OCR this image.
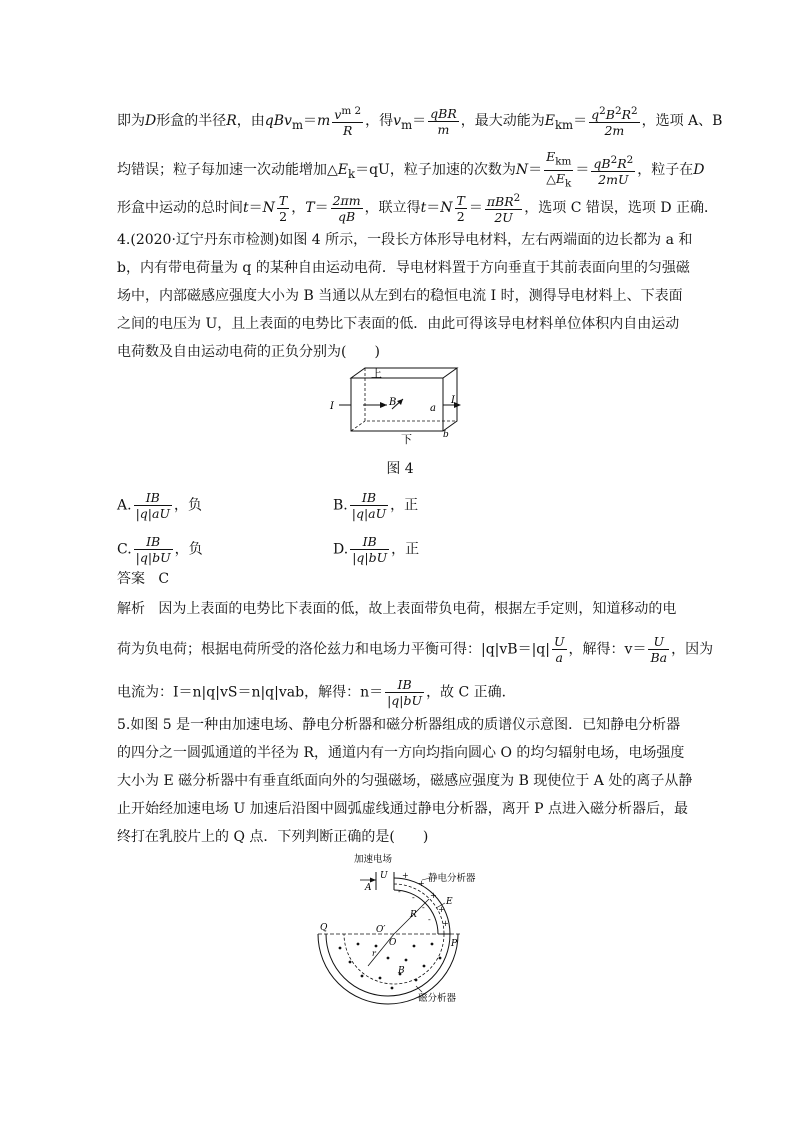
即为D形盒的半径R，由$qBv_m=m \frac{v^{m 2}}{R}$ ，得$v_m= \frac{\text{qBR}}{m}$ ，最大动能为$E_{km}= \frac{q^2B^2R^2}{2m}$ ，选项 A、B
均错误；粒子每加速一次动能增加$\triangle E_k=qU$，粒子加速的次数为$N= \frac{E_{km}}{\triangle E_k} = \frac{qB^2R^2}{2mU}$ ，粒子在D
形盒中运动的总时间$t=N \frac{T}{2}$ ，$T= \frac{2\pi m}{qB}$ ，联立得$t=N \frac{T}{2} = \frac{\pi BR^2}{2U}$ ，选项 C 错误，选项 D 正确．
4.(2020·辽宁丹东市检测)如图 4 所示，一段长方体形导电材料，左右两端面的边长都为 a 和
b，内有带电荷量为 q 的某种自由运动电荷．导电材料置于方向垂直于其前表面向里的匀强磁
场中，内部磁感应强度大小为 B 当通以从左到右的稳恒电流 I 时，测得导电材料上、下表面
之间的电压为 U，且上表面的电势比下表面的低．由此可得该导电材料单位体积内自由运动
电荷数及自由运动电荷的正负分别为(　　)
上
下
I
I
B
a
b
图 4
A. $\frac{IB}{|q|aU}$ ，负	B. $\frac{IB}{|q|aU}$ ，正
C. $\frac{IB}{|q|bU}$ ，负	D. $\frac{IB}{|q|bU}$ ，正
答案 C
解析 因为上表面的电势比下表面的低，故上表面带负电荷，根据左手定则，知道移动的电
荷为负电荷；根据电荷所受的洛伦兹力和电场力平衡可得：$|q|vB=|q| \frac{U}{a}$ ，解得：$v= \frac{U}{Ba}$ ，因为
电流为：I＝n|q|vS＝n|q|vab，解得：$n= \frac{IB}{|q|bU}$ ，故 C 正确．
5.如图 5 是一种由加速电场、静电分析器和磁分析器组成的质谱仪示意图．已知静电分析器
的四分之一圆弧通道的半径为 R，通道内有一方向均指向圆心 O 的均匀辐射电场，电场强度
大小为 E 磁分析器中有垂直纸面向外的匀强磁场，磁感应强度为 B 现使位于 A 处的离子从静
止开始经加速电场 U 加速后沿图中圆弧虚线通过静电分析器，离开 P 点进入磁分析器后，最
终打在乳胶片上的 Q 点．下列判断正确的是(　　)
加速电场
U
A
R
静电分析器
E
+
+
+
+
+
-
-
-
-
Q	O′
O	P
r
B
磁分析器
